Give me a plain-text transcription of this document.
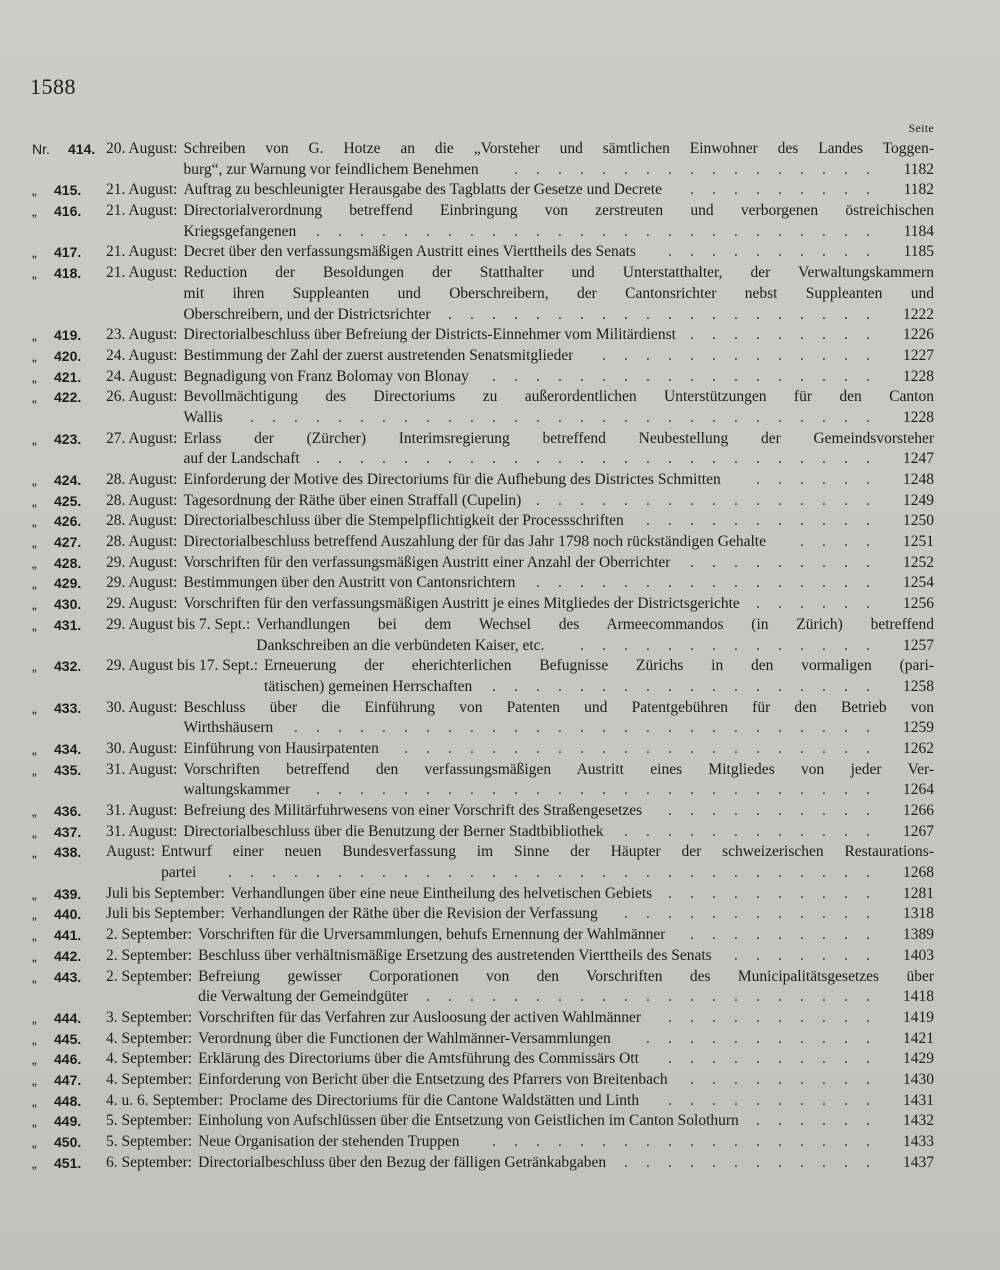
1588
Seite
Nr. 414. 20. August: Schreiben von G. Hotze an die „Vorsteher und sämtlichen Einwohner des Landes Toggen-
burg“, zur Warnung vor feindlichem Benehmen ................. 1182
„ 415. 21. August: Auftrag zu beschleunigter Herausgabe des Tagblatts der Gesetze und Decrete ......... 1182
„ 416. 21. August: Directorialverordnung betreffend Einbringung von zerstreuten und verborgenen östreichischen
Kriegsgefangenen .......................... 1184
„ 417. 21. August: Decret über den verfassungsmäßigen Austritt eines Vierttheils des Senats .......... 1185
„ 418. 21. August: Reduction der Besoldungen der Statthalter und Unterstatthalter, der Verwaltungskammern
mit ihren Suppleanten und Oberschreibern, der Cantonsrichter nebst Suppleanten und
Oberschreibern, und der Districtsrichter .................... 1222
„ 419. 23. August: Directorialbeschluss über Befreiung der Districts-Einnehmer vom Militärdienst ......... 1226
„ 420. 24. August: Bestimmung der Zahl der zuerst austretenden Senatsmitglieder ............. 1227
„ 421. 24. August: Begnadigung von Franz Bolomay von Blonay .................. 1228
„ 422. 26. August: Bevollmächtigung des Directoriums zu außerordentlichen Unterstützungen für den Canton
Wallis ............................. 1228
„ 423. 27. August: Erlass der (Zürcher) Interimsregierung betreffend Neubestellung der Gemeindsvorsteher
auf der Landschaft .......................... 1247
„ 424. 28. August: Einforderung der Motive des Directoriums für die Aufhebung des Districtes Schmitten ...... 1248
„ 425. 28. August: Tagesordnung der Räthe über einen Straffall (Cupelin) ................ 1249
„ 426. 28. August: Directorialbeschluss über die Stempelpflichtigkeit der Processschriften ........... 1250
„ 427. 28. August: Directorialbeschluss betreffend Auszahlung der für das Jahr 1798 noch rückständigen Gehalte .... 1251
„ 428. 29. August: Vorschriften für den verfassungsmäßigen Austritt einer Anzahl der Oberrichter ......... 1252
„ 429. 29. August: Bestimmungen über den Austritt von Cantonsrichtern ................ 1254
„ 430. 29. August: Vorschriften für den verfassungsmäßigen Austritt je eines Mitgliedes der Districtsgerichte ...... 1256
„ 431. 29. August bis 7. Sept.: Verhandlungen bei dem Wechsel des Armeecommandos (in Zürich) betreffend
Dankschreiben an die verbündeten Kaiser, etc. .............. 1257
„ 432. 29. August bis 17. Sept.: Erneuerung der eherichterlichen Befugnisse Zürichs in den vormaligen (pari-
tätischen) gemeinen Herrschaften .................. 1258
„ 433. 30. August: Beschluss über die Einführung von Patenten und Patentgebühren für den Betrieb von
Wirthshäusern ........................... 1259
„ 434. 30. August: Einführung von Hausirpatenten ...................... 1262
„ 435. 31. August: Vorschriften betreffend den verfassungsmäßigen Austritt eines Mitgliedes von jeder Ver-
waltungskammer .......................... 1264
„ 436. 31. August: Befreiung des Militärfuhrwesens von einer Vorschrift des Straßengesetzes .......... 1266
„ 437. 31. August: Directorialbeschluss über die Benutzung der Berner Stadtbibliothek ............ 1267
„ 438. August: Entwurf einer neuen Bundesverfassung im Sinne der Häupter der schweizerischen Restaurations-
partei .............................. 1268
„ 439. Juli bis September: Verhandlungen über eine neue Eintheilung des helvetischen Gebiets .......... 1281
„ 440. Juli bis September: Verhandlungen der Räthe über die Revision der Verfassung ............ 1318
„ 441. 2. September: Vorschriften für die Urversammlungen, behufs Ernennung der Wahlmänner ......... 1389
„ 442. 2. September: Beschluss über verhältnismäßige Ersetzung des austretenden Vierttheils des Senats ....... 1403
„ 443. 2. September: Befreiung gewisser Corporationen von den Vorschriften des Municipalitätsgesetzes über
die Verwaltung der Gemeindgüter ..................... 1418
„ 444. 3. September: Vorschriften für das Verfahren zur Ausloosung der activen Wahlmänner .......... 1419
„ 445. 4. September: Verordnung über die Functionen der Wahlmänner-Versammlungen ........... 1421
„ 446. 4. September: Erklärung des Directoriums über die Amtsführung des Commissärs Ott .......... 1429
„ 447. 4. September: Einforderung von Bericht über die Entsetzung des Pfarrers von Breitenbach ......... 1430
„ 448. 4. u. 6. September: Proclame des Directoriums für die Cantone Waldstätten und Linth .......... 1431
„ 449. 5. September: Einholung von Aufschlüssen über die Entsetzung von Geistlichen im Canton Solothurn ...... 1432
„ 450. 5. September: Neue Organisation der stehenden Truppen .................. 1433
„ 451. 6. September: Directorialbeschluss über den Bezug der fälligen Getränkabgaben ............ 1437
